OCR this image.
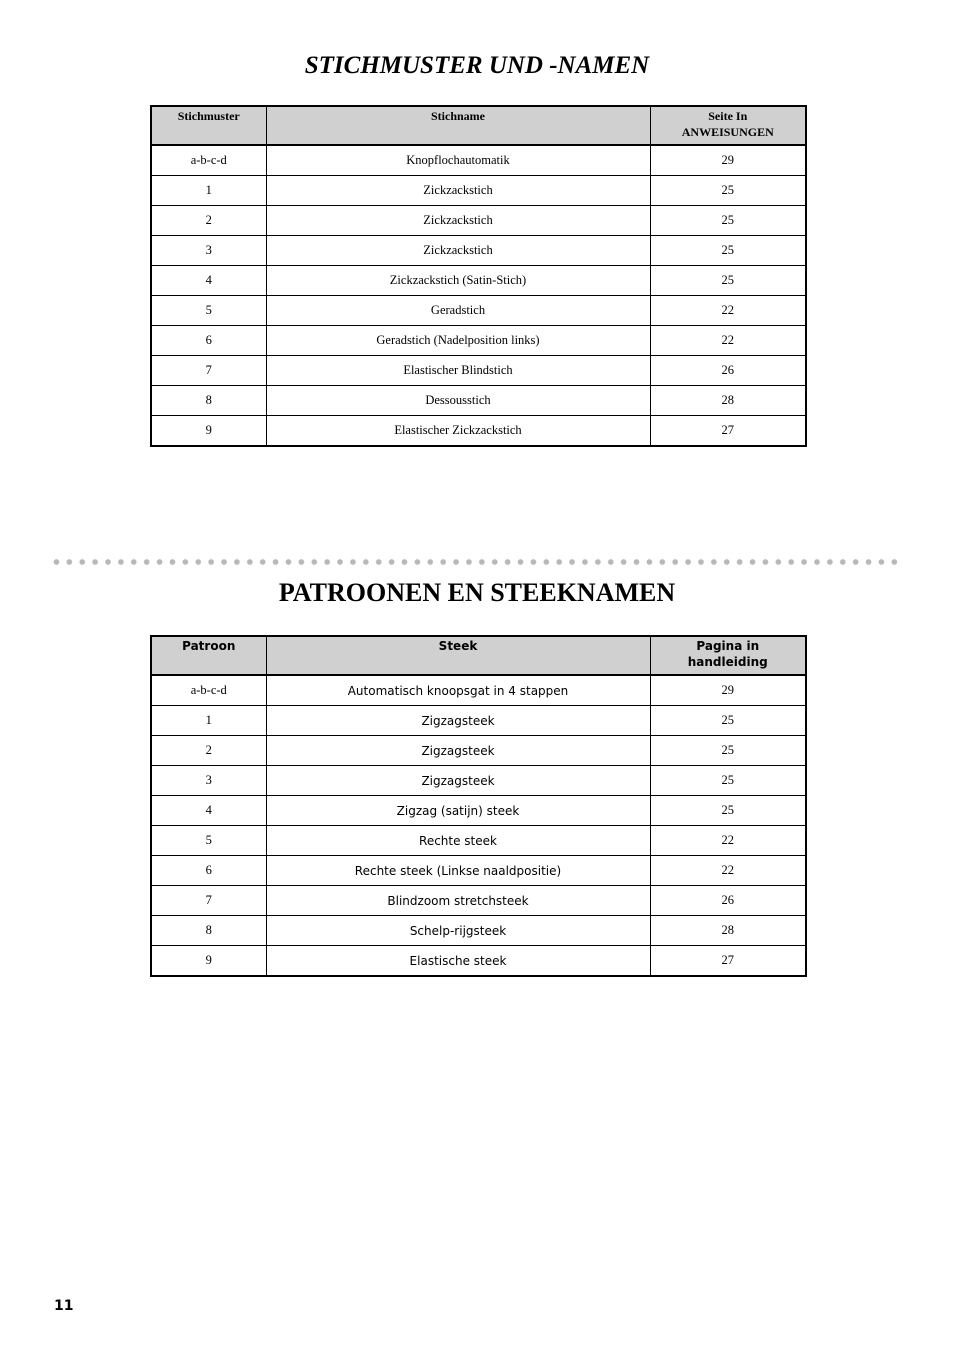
STICHMUSTER UND -NAMEN
Stichmuster	Stichname	Seite In
ANWEISUNGEN
a-b-c-d	Knopflochautomatik	29
1	Zickzackstich	25
2	Zickzackstich	25
3	Zickzackstich	25
4	Zickzackstich (Satin-Stich)	25
5	Geradstich	22
6	Geradstich (Nadelposition links)	22
7	Elastischer Blindstich	26
8	Dessousstich	28
9	Elastischer Zickzackstich	27
PATROONEN EN STEEKNAMEN
Patroon	Steek	Pagina in
handleiding
a-b-c-d	Automatisch knoopsgat in 4 stappen	29
1	Zigzagsteek	25
2	Zigzagsteek	25
3	Zigzagsteek	25
4	Zigzag (satijn) steek	25
5	Rechte steek	22
6	Rechte steek (Linkse naaldpositie)	22
7	Blindzoom stretchsteek	26
8	Schelp-rijgsteek	28
9	Elastische steek	27
11
